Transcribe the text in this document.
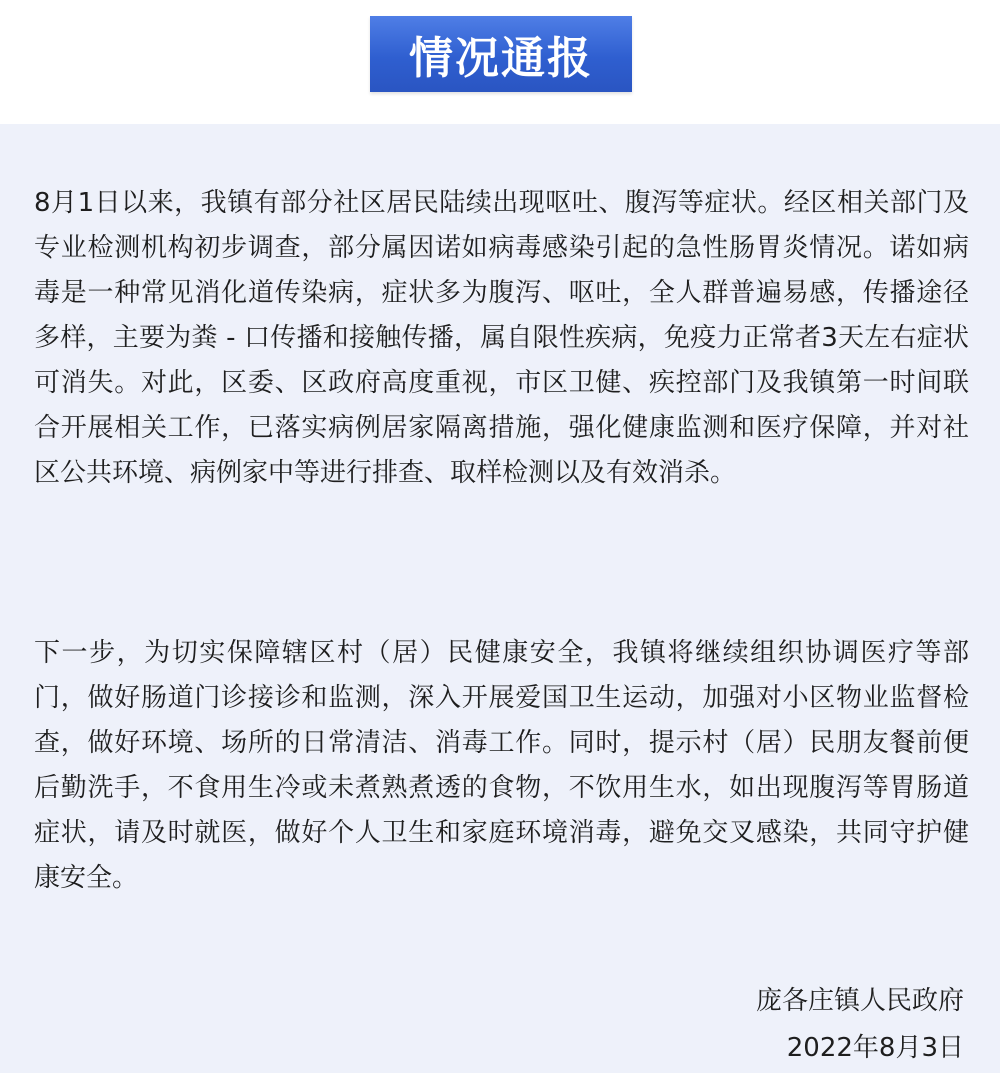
情况通报

8月1日以来，我镇有部分社区居民陆续出现呕吐、腹泻等症状。经区相关部门及专业检测机构初步调查，部分属因诺如病毒感染引起的急性肠胃炎情况。诺如病毒是一种常见消化道传染病，症状多为腹泻、呕吐，全人群普遍易感，传播途径多样，主要为粪 - 口传播和接触传播，属自限性疾病，免疫力正常者3天左右症状可消失。对此，区委、区政府高度重视，市区卫健、疾控部门及我镇第一时间联合开展相关工作，已落实病例居家隔离措施，强化健康监测和医疗保障，并对社区公共环境、病例家中等进行排查、取样检测以及有效消杀。

下一步，为切实保障辖区村（居）民健康安全，我镇将继续组织协调医疗等部门，做好肠道门诊接诊和监测，深入开展爱国卫生运动，加强对小区物业监督检查，做好环境、场所的日常清洁、消毒工作。同时，提示村（居）民朋友餐前便后勤洗手，不食用生冷或未煮熟煮透的食物，不饮用生水，如出现腹泻等胃肠道症状，请及时就医，做好个人卫生和家庭环境消毒，避免交叉感染，共同守护健康安全。

庞各庄镇人民政府
2022年8月3日
